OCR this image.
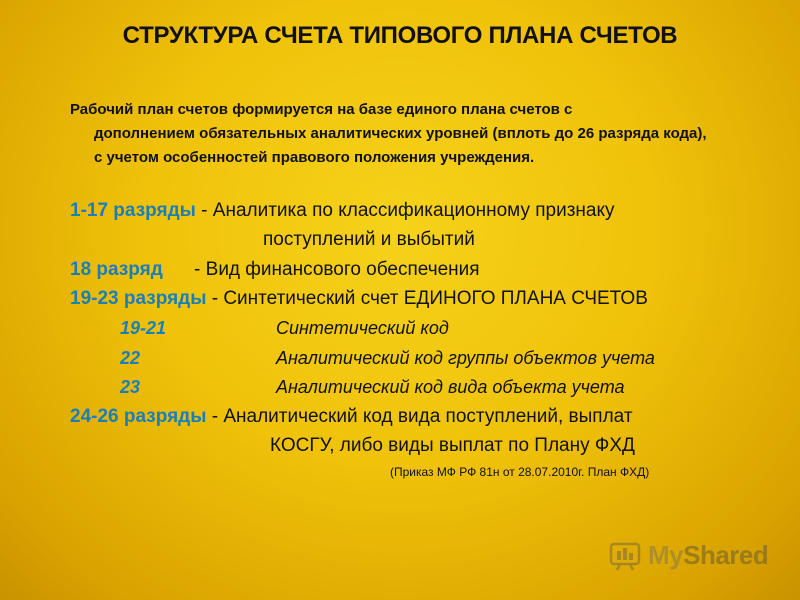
СТРУКТУРА СЧЕТА ТИПОВОГО ПЛАНА СЧЕТОВ
Рабочий план счетов формируется на базе единого плана счетов с
дополнением обязательных аналитических уровней (вплоть до 26 разряда кода), с учетом особенностей правового положения учреждения.
1-17 разряды - Аналитика по классификационному признаку
поступлений и выбытий
18 разряд - Вид финансового обеспечения
19-23 разряды - Синтетический счет ЕДИНОГО ПЛАНА СЧЕТОВ
19-21	Синтетический код
22	Аналитический код группы объектов учета
23	Аналитический код вида объекта учета
24-26 разряды - Аналитический код вида поступлений, выплат
КОСГУ, либо виды выплат по Плану ФХД
(Приказ МФ РФ 81н от 28.07.2010г. План ФХД)
MyShared
